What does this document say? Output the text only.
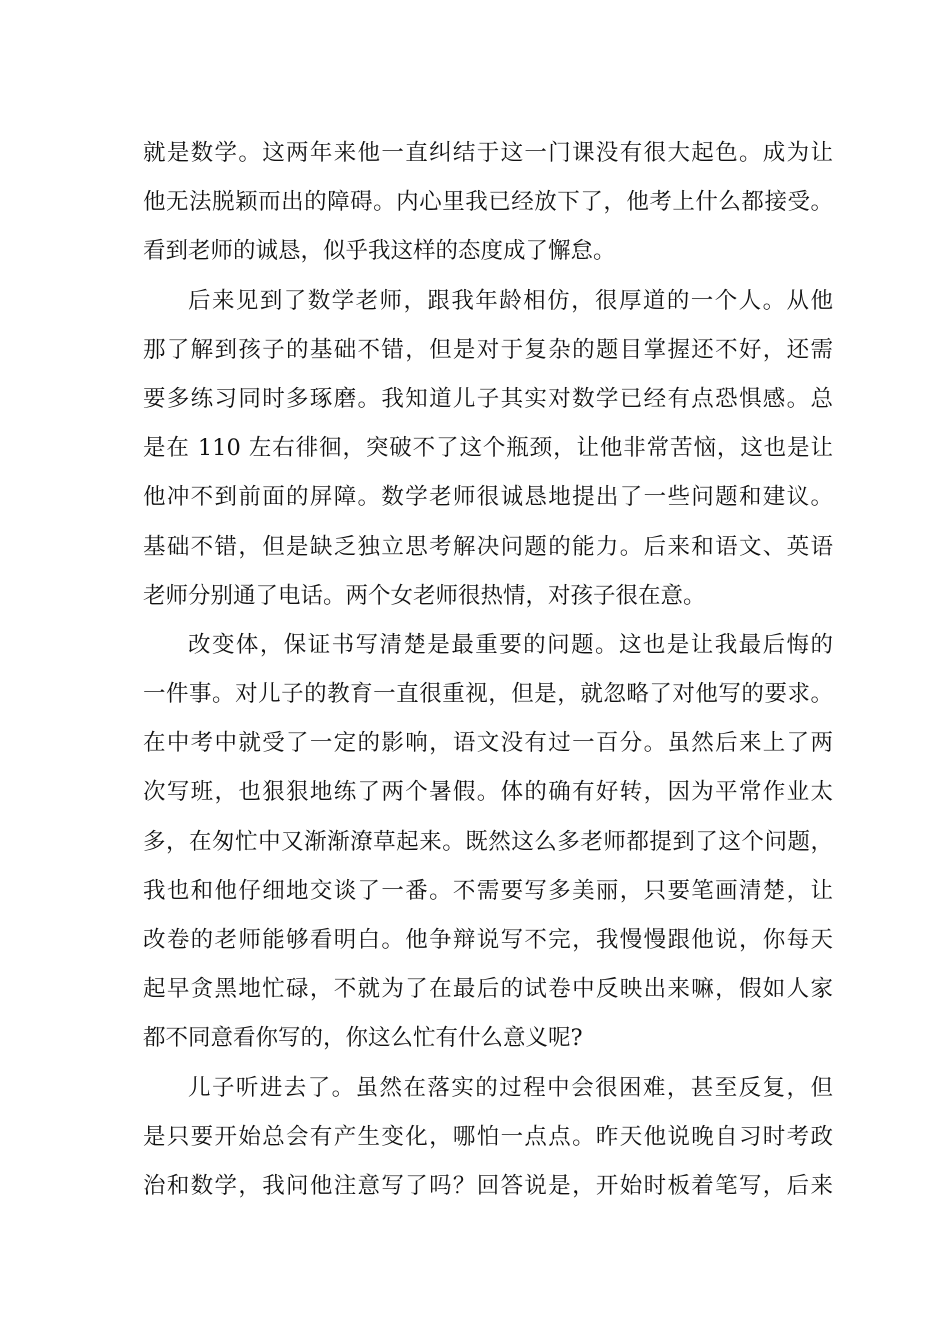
就是数学。这两年来他一直纠结于这一门课没有很大起色。成为让
他无法脱颖而出的障碍。内心里我已经放下了，他考上什么都接受。
看到老师的诚恳，似乎我这样的态度成了懈怠。
后来见到了数学老师，跟我年龄相仿，很厚道的一个人。从他
那了解到孩子的基础不错，但是对于复杂的题目掌握还不好，还需
要多练习同时多琢磨。我知道儿子其实对数学已经有点恐惧感。总
是在 110 左右徘徊，突破不了这个瓶颈，让他非常苦恼，这也是让
他冲不到前面的屏障。数学老师很诚恳地提出了一些问题和建议。
基础不错，但是缺乏独立思考解决问题的能力。后来和语文、英语
老师分别通了电话。两个女老师很热情，对孩子很在意。
改变体，保证书写清楚是最重要的问题。这也是让我最后悔的
一件事。对儿子的教育一直很重视，但是，就忽略了对他写的要求。
在中考中就受了一定的影响，语文没有过一百分。虽然后来上了两
次写班，也狠狠地练了两个暑假。体的确有好转，因为平常作业太
多，在匆忙中又渐渐潦草起来。既然这么多老师都提到了这个问题，
我也和他仔细地交谈了一番。不需要写多美丽，只要笔画清楚，让
改卷的老师能够看明白。他争辩说写不完，我慢慢跟他说，你每天
起早贪黑地忙碌，不就为了在最后的试卷中反映出来嘛，假如人家
都不同意看你写的，你这么忙有什么意义呢?
儿子听进去了。虽然在落实的过程中会很困难，甚至反复，但
是只要开始总会有产生变化，哪怕一点点。昨天他说晚自习时考政
治和数学，我问他注意写了吗？回答说是，开始时板着笔写，后来
